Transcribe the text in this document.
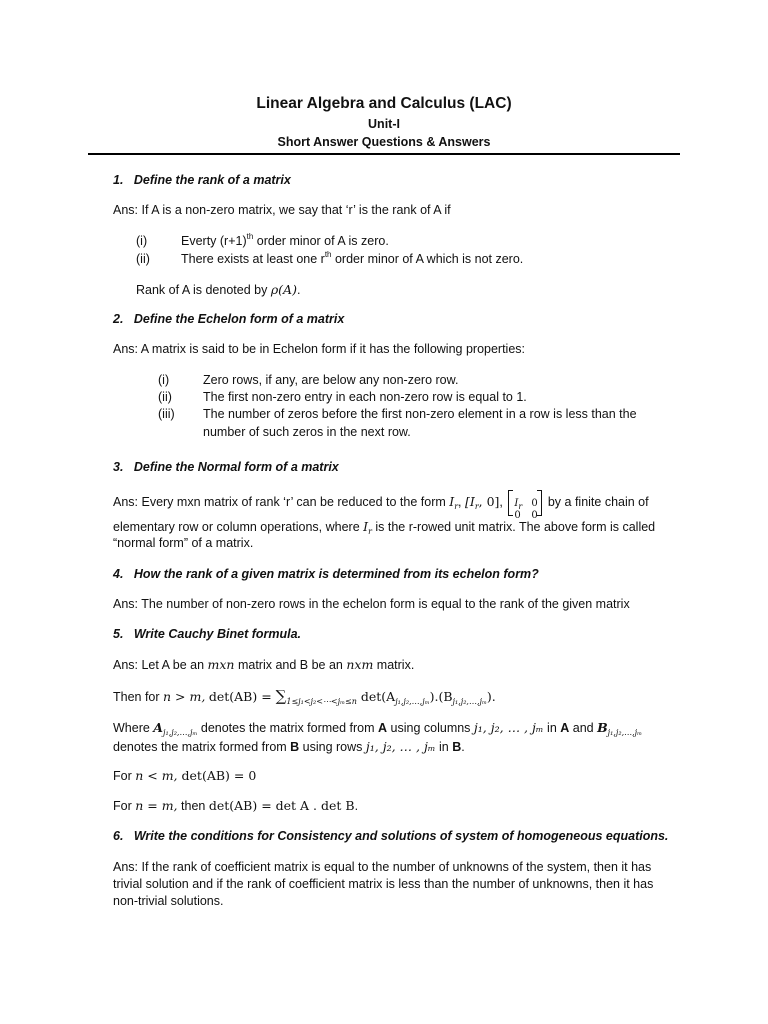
Linear Algebra and Calculus (LAC)
Unit-I
Short Answer Questions & Answers
1. Define the rank of a matrix
Ans: If A is a non-zero matrix, we say that ‘r’ is the rank of A if
(i)	Everty $(r+1)^{th}$ order minor of A is zero.
(ii) There exists at least one $r^{th}$ order minor of A which is not zero.
Rank of A is denoted by ρ(A).
2. Define the Echelon form of a matrix
Ans: A matrix is said to be in Echelon form if it has the following properties:
(i)	Zero rows, if any, are below any non-zero row.
(ii) The first non-zero entry in each non-zero row is equal to 1.
(iii) The number of zeros before the first non-zero element in a row is less than the
number of such zeros in the next row.
3. Define the Normal form of a matrix
Ans: Every mxn matrix of rank ‘r’ can be reduced to the form $I_r$, [$I_r$, 0], $I_r$ 0
0 0
by a finite chain of
elementary row or column operations, where $I_r$ is the r-rowed unit matrix. The above form is called
“normal form” of a matrix.
4. How the rank of a given matrix is determined from its echelon form?
Ans: The number of non-zero rows in the echelon form is equal to the rank of the given matrix
5. Write Cauchy Binet formula.
Ans: Let A be an mxn matrix and B be an nxm matrix.
Then for n > m, $\det(AB) = \sum_{1\le j_1<j_2<\cdots<j_m\le n}$ $\det(A_{j_1,j_2,\dots,j_m}).(B_{j_1,j_2,\dots,j_m})$.
Where $A_{j_1,j_2,\dots,j_m}$ denotes the matrix formed from A using columns j₁, j₂, … , jₘ in A and $B_{j_1,j_2,\dots,j_m}$
denotes the matrix formed from B using rows j₁, j₂, … , jₘ in B.
For n < m, det(AB) = 0
For n = m, then det(AB) = det A . det B.
6. Write the conditions for Consistency and solutions of system of homogeneous equations.
Ans: If the rank of coefficient matrix is equal to the number of unknowns of the system, then it has
trivial solution and if the rank of coefficient matrix is less than the number of unknowns, then it has
non-trivial solutions.
